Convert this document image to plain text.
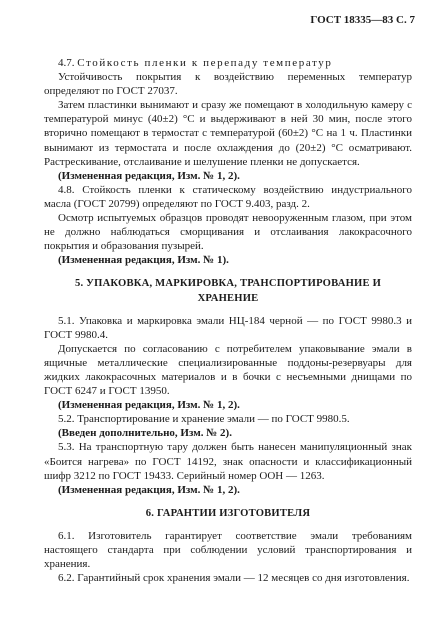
ГОСТ 18335—83 С. 7

4.7. Стойкость пленки к перепаду температур

Устойчивость покрытия к воздействию переменных температур определяют по ГОСТ 27037.

Затем пластинки вынимают и сразу же помещают в холодильную камеру с температурой минус (40±2) °С и выдерживают в ней 30 мин, после этого вторично помещают в термостат с температурой (60±2) °С на 1 ч. Пластинки вынимают из термостата и после охлаждения до (20±2) °С осматривают. Растрескивание, отслаивание и шелушение пленки не допускается.

(Измененная редакция, Изм. № 1, 2).

4.8. Стойкость пленки к статическому воздействию индустриального масла (ГОСТ 20799) определяют по ГОСТ 9.403, разд. 2.

Осмотр испытуемых образцов проводят невооруженным глазом, при этом не должно наблюдаться сморщивания и отслаивания лакокрасочного покрытия и образования пузырей.

(Измененная редакция, Изм. № 1).

5. УПАКОВКА, МАРКИРОВКА, ТРАНСПОРТИРОВАНИЕ И ХРАНЕНИЕ

5.1. Упаковка и маркировка эмали НЦ-184 черной — по ГОСТ 9980.3 и ГОСТ 9980.4.

Допускается по согласованию с потребителем упаковывание эмали в ящичные металлические специализированные поддоны-резервуары для жидких лакокрасочных материалов и в бочки с несъемными днищами по ГОСТ 6247 и ГОСТ 13950.

(Измененная редакция, Изм. № 1, 2).

5.2. Транспортирование и хранение эмали — по ГОСТ 9980.5.

(Введен дополнительно, Изм. № 2).

5.3. На транспортную тару должен быть нанесен манипуляционный знак «Боится нагрева» по ГОСТ 14192, знак опасности и классификационный шифр 3212 по ГОСТ 19433. Серийный номер ООН — 1263.

(Измененная редакция, Изм. № 1, 2).

6. ГАРАНТИИ ИЗГОТОВИТЕЛЯ

6.1. Изготовитель гарантирует соответствие эмали требованиям настоящего стандарта при соблюдении условий транспортирования и хранения.

6.2. Гарантийный срок хранения эмали — 12 месяцев со дня изготовления.
